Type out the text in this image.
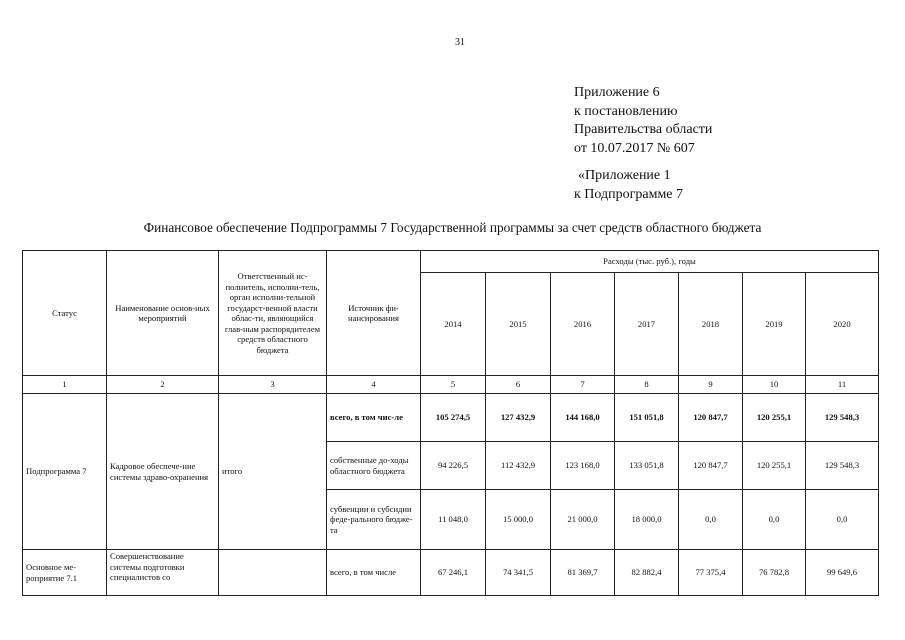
31
Приложение 6
к постановлению
Правительства области
от 10.07.2017 № 607
«Приложение 1
к Подпрограмме 7
Финансовое обеспечение Подпрограммы 7 Государственной программы за счет средств областного бюджета
Статус	Наименование основ-ных мероприятий	Ответственный ис-полнитель, исполни-тель, орган исполни-тельной государст-венной власти облас-ти, являющийся глав-ным распорядителем средств областного бюджета	Источник фи-нансирования	Расходы (тыс. руб.), годы						
				2014	2015	2016	2017	2018	2019	2020
1	2	3	4	5	6	7	8	9	10	11
Подпрограмма 7	Кадровое обеспече-ние системы здраво-охранения	итого	всего, в том чис-ле	105 274,5	127 432,9	144 168,0	151 051,8	120 847,7	120 255,1	129 548,3
			собственные до-ходы областного бюджета	94 226,5	112 432,9	123 168,0	133 051,8	120 847,7	120 255,1	129 548,3
			субвенции и субсидии феде-рального бюдже-та	11 048,0	15 000,0	21 000,0	18 000,0	0,0	0,0	0,0
Основное ме-роприятие 7.1	Совершенствование системы подготовки специалистов со		всего, в том числе	67 246,1	74 341,5	81 369,7	82 882,4	77 375,4	76 782,8	99 649,6
